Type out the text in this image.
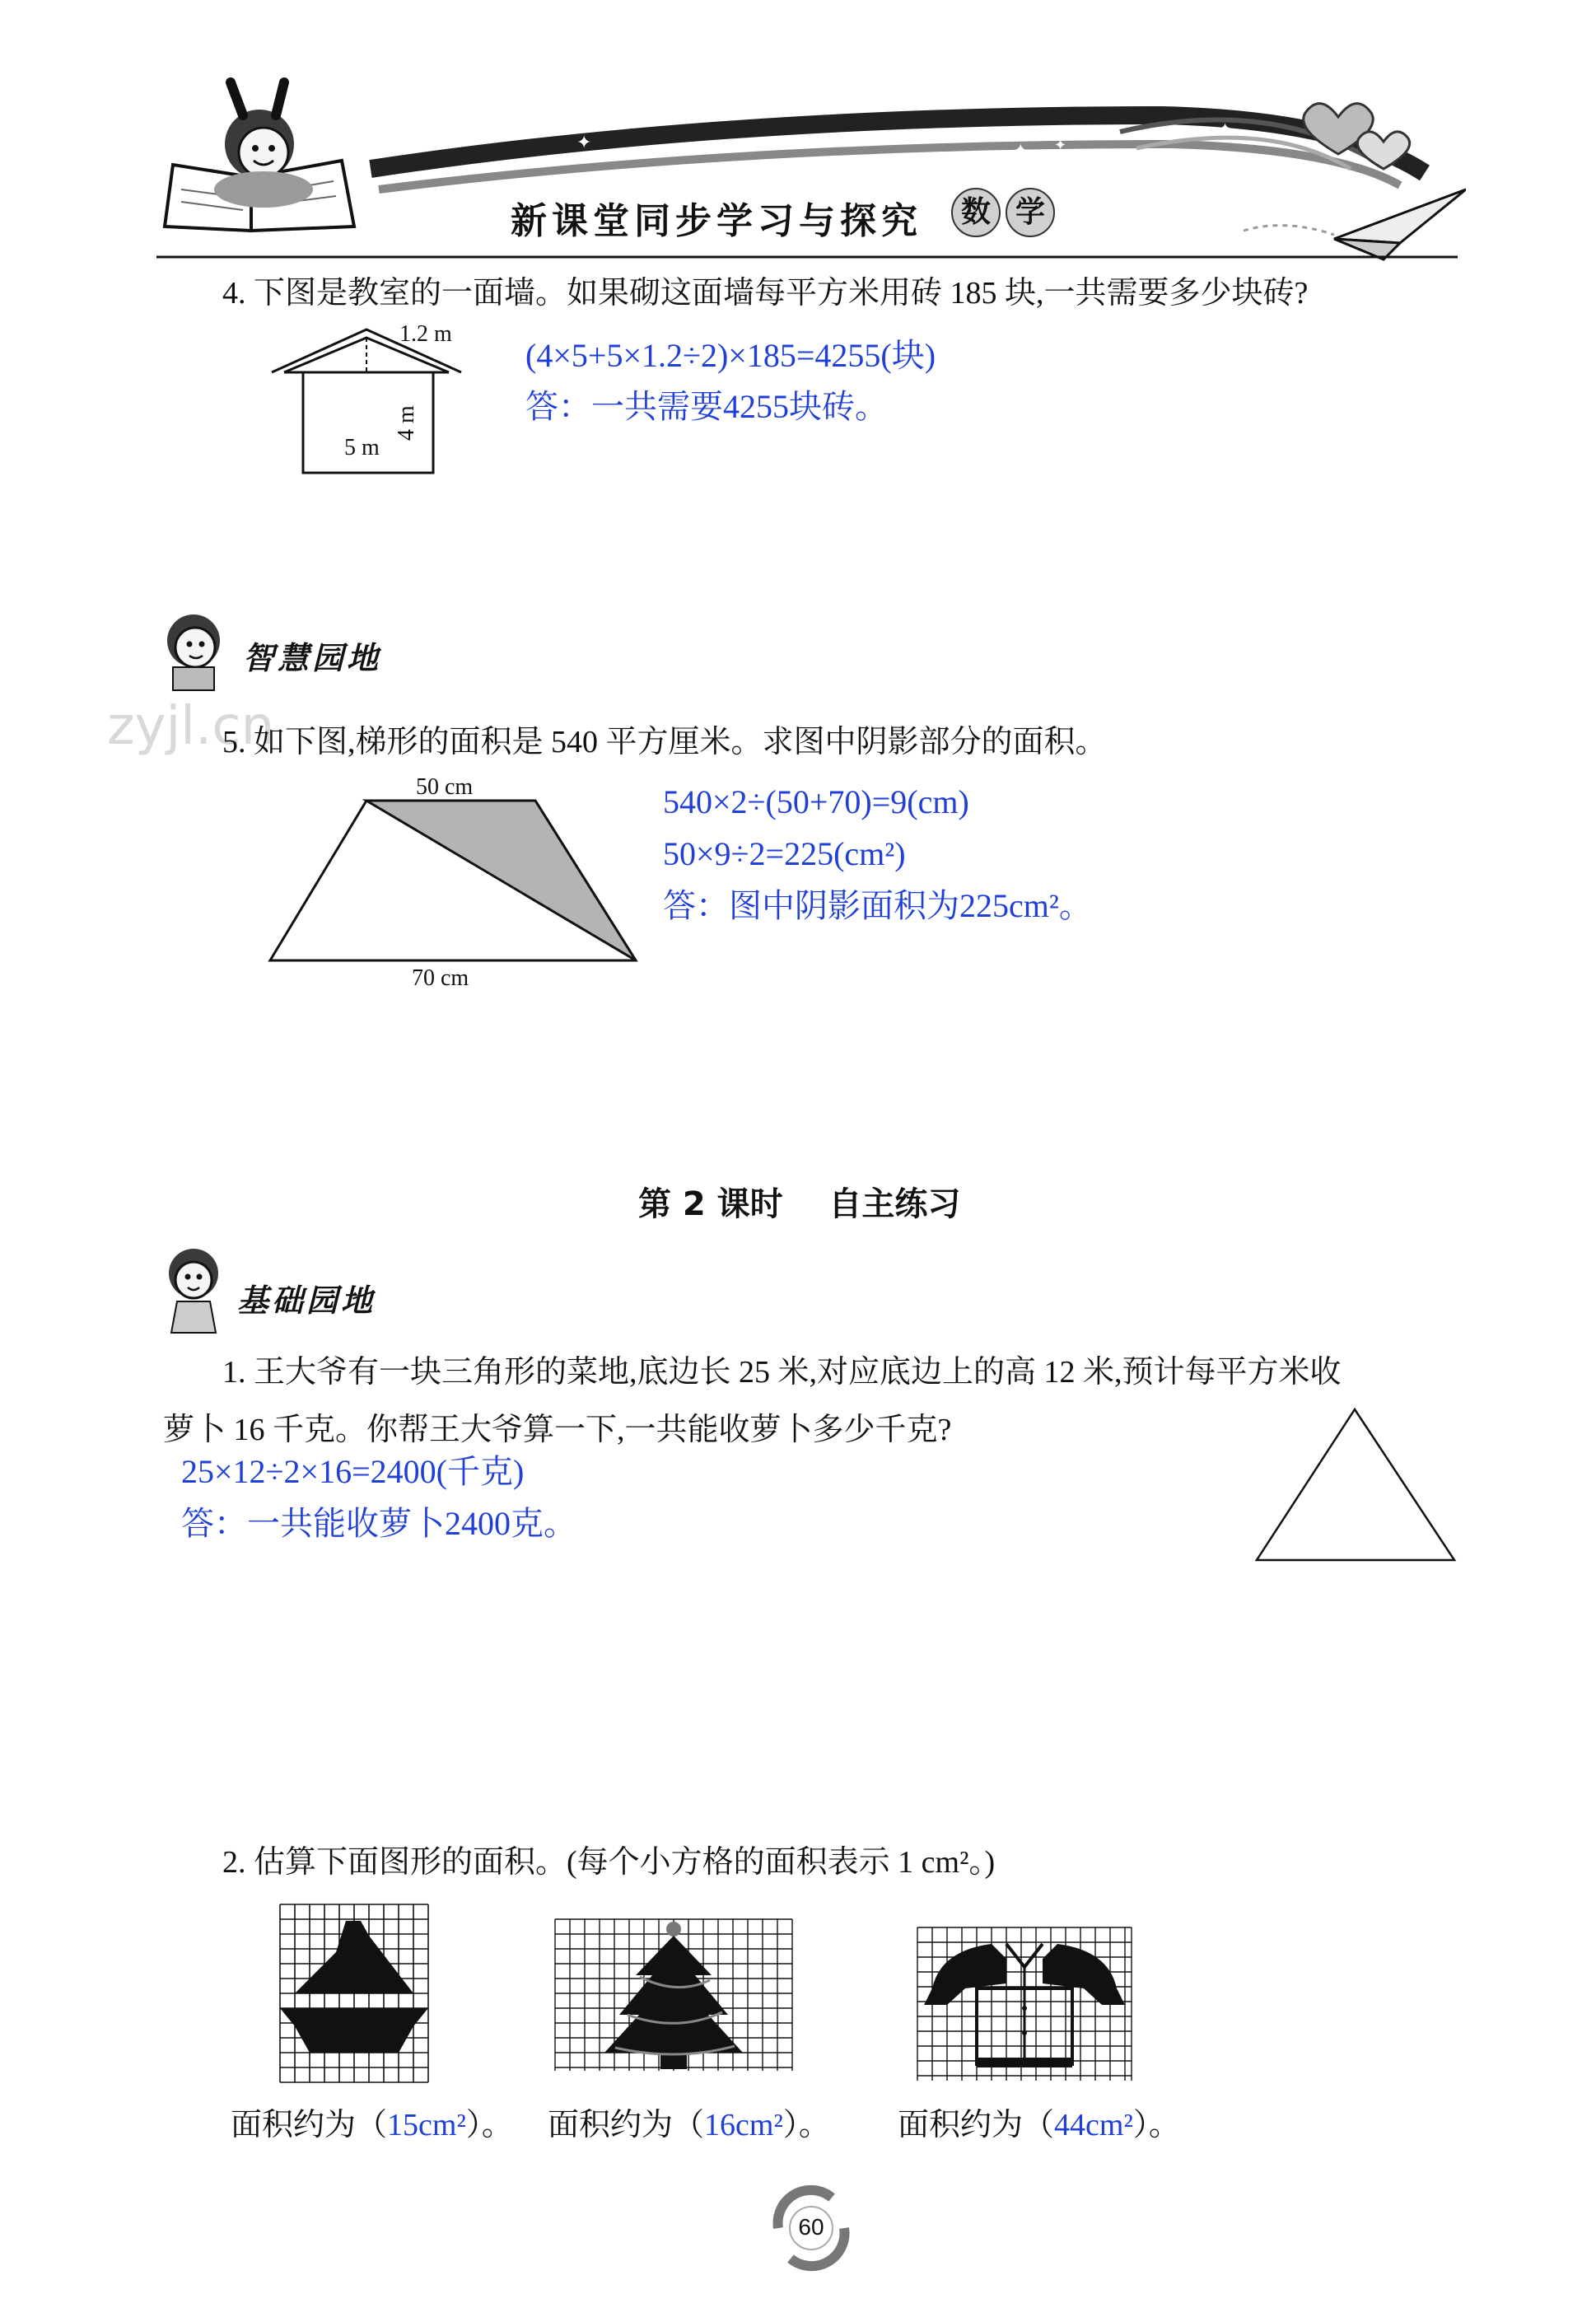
✦	✦ ✦
✦
新课堂同步学习与探究	数 学
4. 下图是教室的一面墙。如果砌这面墙每平方米用砖 185 块,一共需要多少块砖?
1.2 m
4 m
5 m
(4×5+5×1.2÷2)×185=4255(块)
答：一共需要4255块砖。
智慧园地
zyjl.cn
5. 如下图,梯形的面积是 540 平方厘米。求图中阴影部分的面积。
50 cm
70 cm
540×2÷(50+70)=9(cm)
50×9÷2=225(cm²)
答：图中阴影面积为225cm²。
第 2 课时    自主练习
基础园地
1. 王大爷有一块三角形的菜地,底边长 25 米,对应底边上的高 12 米,预计每平方米收
萝卜 16 千克。你帮王大爷算一下,一共能收萝卜多少千克?
25×12÷2×16=2400(千克)
答：一共能收萝卜2400克。
2. 估算下面图形的面积。(每个小方格的面积表示 1 cm²。)
面积约为（15cm²）。 面积约为（16cm²）。 面积约为（44cm²）。
60
